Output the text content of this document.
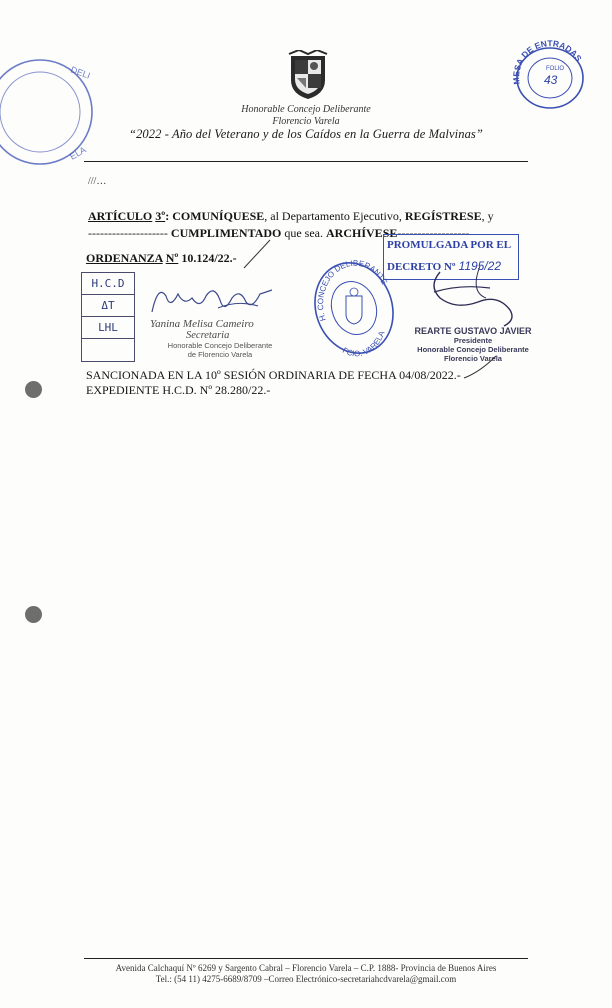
DELI
ELA
Honorable Concejo Deliberante
Florencio Varela
“2022 - Año del Veterano y de los Caídos en la Guerra de Malvinas”
MESA DE ENTRADAS
FOLIO
43
///…
ARTÍCULO 3º: COMUNÍQUESE, al Departamento Ejecutivo, REGÍSTRESE, y
-------------------- CUMPLIMENTADO que sea. ARCHÍVESE------------------
PROMULGADA POR EL
DECRETO Nº 1195/22
ORDENANZA Nº 10.124/22.-
H.C.D
ΔT
LHL	Yanina Melisa Cameiro
Secretaria
Honorable Concejo Deliberante
de Florencio Varela
H. CONCEJO DELIBERANTE
FCIO. VARELA	REARTE GUSTAVO JAVIER
Presidente
Honorable Concejo Deliberante
Florencio Varela
SANCIONADA EN LA 10º SESIÓN ORDINARIA DE FECHA 04/08/2022.-
EXPEDIENTE H.C.D. Nº 28.280/22.-
Avenida Calchaquí Nº 6269 y Sargento Cabral – Florencio Varela – C.P. 1888- Provincia de Buenos Aires
Tel.: (54 11) 4275-6689/8709 –Correo Electrónico-secretariahcdvarela@gmail.com
